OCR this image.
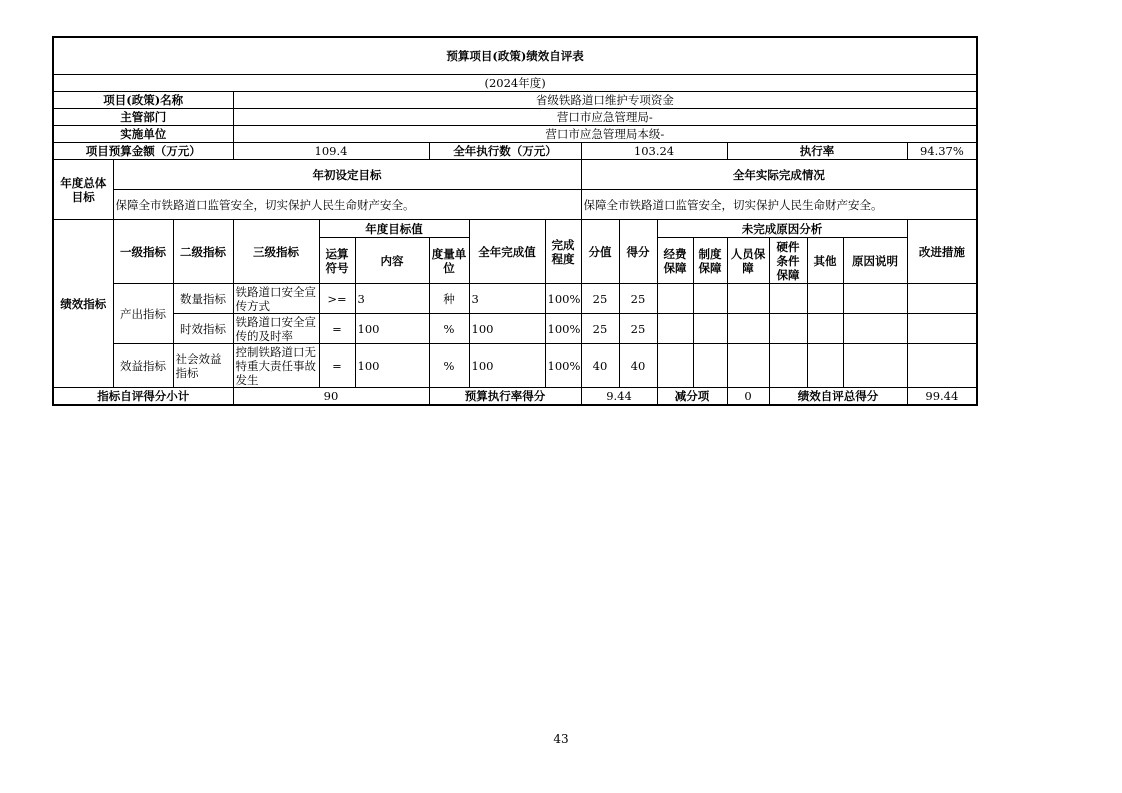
预算项目(政策)绩效自评表																	
(2024年度)																	
项目(政策)名称			省级铁路道口维护专项资金														
主管部门			营口市应急管理局-														
实施单位			营口市应急管理局本级-														
项目预算金额（万元）			109.4			全年执行数（万元）			103.24				执行率				94.37%
年度总体目标	年初设定目标								全年实际完成情况								
	保障全市铁路道口监管安全，切实保护人民生命财产安全。								保障全市铁路道口监管安全，切实保护人民生命财产安全。								
绩效指标	一级指标	二级指标	三级指标	年度目标值			全年完成值	完成程度	分值	得分	未完成原因分析						改进措施
				运算符号	内容	度量单位					经费保障	制度保障	人员保障	硬件条件保障	其他	原因说明	
	产出指标	数量指标	铁路道口安全宣传方式	>=	3	种	3	100%	25	25							
		时效指标	铁路道口安全宣传的及时率	=	100	%	100	100%	25	25							
	效益指标	社会效益指标	控制铁路道口无特重大责任事故发生	=	100	%	100	100%	40	40							
指标自评得分小计			90			预算执行率得分			9.44		减分项		0	绩效自评总得分			99.44
43
